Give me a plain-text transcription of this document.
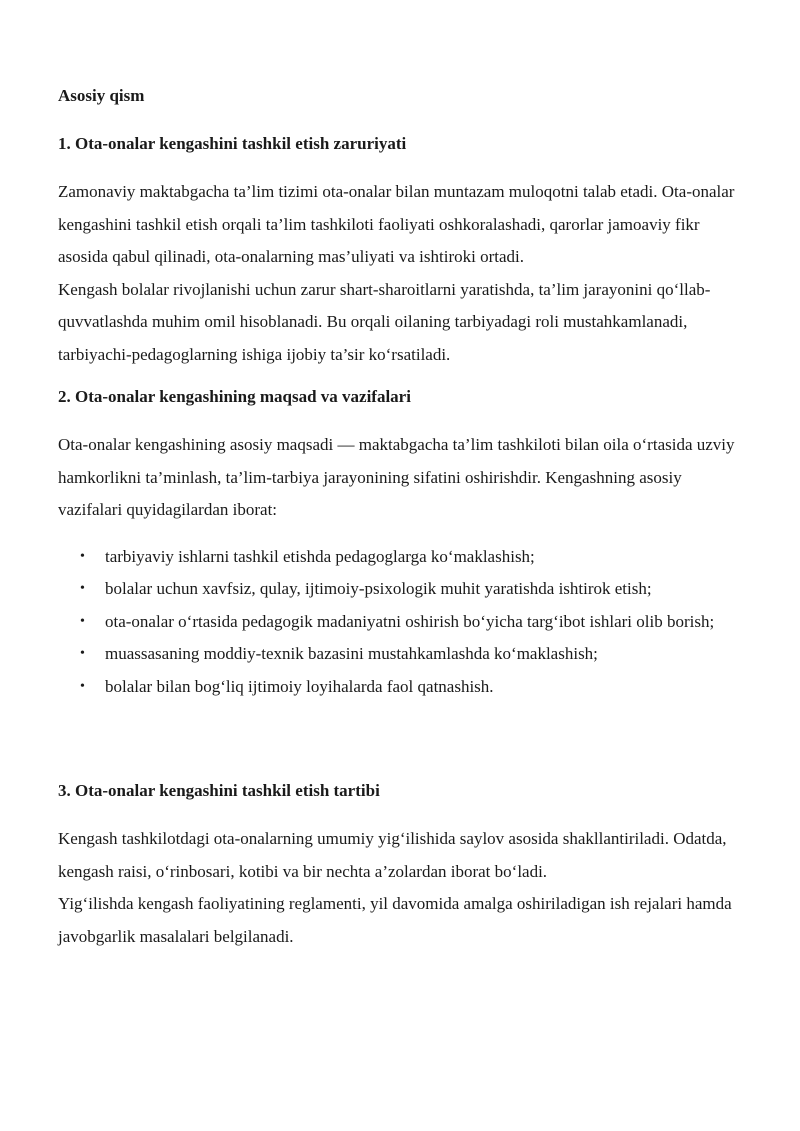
Asosiy qism
1. Ota-onalar kengashini tashkil etish zaruriyati

Zamonaviy maktabgacha ta’lim tizimi ota-onalar bilan muntazam muloqotni talab etadi. Ota-onalar kengashini tashkil etish orqali ta’lim tashkiloti faoliyati oshkoralashadi, qarorlar jamoaviy fikr asosida qabul qilinadi, ota-onalarning mas’uliyati va ishtiroki ortadi.

Kengash bolalar rivojlanishi uchun zarur shart-sharoitlarni yaratishda, ta’lim jarayonini qo‘llab-quvvatlashda muhim omil hisoblanadi. Bu orqali oilaning tarbiyadagi roli mustahkamlanadi, tarbiyachi-pedagoglarning ishiga ijobiy ta’sir ko‘rsatiladi.

2. Ota-onalar kengashining maqsad va vazifalari

Ota-onalar kengashining asosiy maqsadi — maktabgacha ta’lim tashkiloti bilan oila o‘rtasida uzviy hamkorlikni ta’minlash, ta’lim-tarbiya jarayonining sifatini oshirishdir. Kengashning asosiy vazifalari quyidagilardan iborat:

• tarbiyaviy ishlarni tashkil etishda pedagoglarga ko‘maklashish;
• bolalar uchun xavfsiz, qulay, ijtimoiy-psixologik muhit yaratishda ishtirok etish;
• ota-onalar o‘rtasida pedagogik madaniyatni oshirish bo‘yicha targ‘ibot ishlari olib borish;
• muassasaning moddiy-texnik bazasini mustahkamlashda ko‘maklashish;
• bolalar bilan bog‘liq ijtimoiy loyihalarda faol qatnashish.
3. Ota-onalar kengashini tashkil etish tartibi

Kengash tashkilotdagi ota-onalarning umumiy yig‘ilishida saylov asosida shakllantiriladi. Odatda, kengash raisi, o‘rinbosari, kotibi va bir nechta a’zolardan iborat bo‘ladi.

Yig‘ilishda kengash faoliyatining reglamenti, yil davomida amalga oshiriladigan ish rejalari hamda javobgarlik masalalari belgilanadi.
